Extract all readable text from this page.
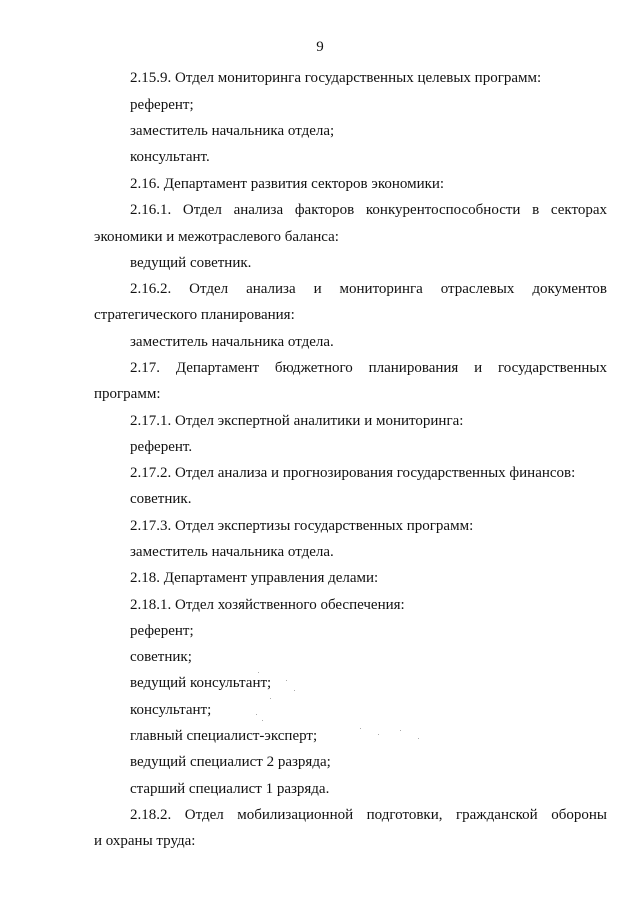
9
2.15.9. Отдел мониторинга государственных целевых программ:
референт;
заместитель начальника отдела;
консультант.
2.16. Департамент развития секторов экономики:
2.16.1. Отдел анализа факторов конкурентоспособности в секторах
экономики и межотраслевого баланса:
ведущий советник.
2.16.2. Отдел анализа и мониторинга отраслевых документов
стратегического планирования:
заместитель начальника отдела.
2.17. Департамент бюджетного планирования и государственных
программ:
2.17.1. Отдел экспертной аналитики и мониторинга:
референт.
2.17.2. Отдел анализа и прогнозирования государственных финансов:
советник.
2.17.3. Отдел экспертизы государственных программ:
заместитель начальника отдела.
2.18. Департамент управления делами:
2.18.1. Отдел хозяйственного обеспечения:
референт;
советник;
ведущий консультант;
консультант;
главный специалист-эксперт;
ведущий специалист 2 разряда;
старший специалист 1 разряда.
2.18.2. Отдел мобилизационной подготовки, гражданской обороны
и охраны труда:
